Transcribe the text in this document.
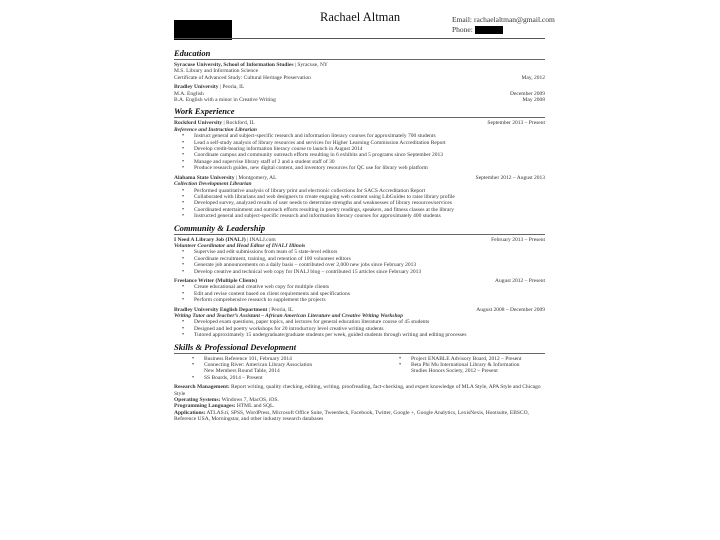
Rachael Altman	Email: rachaelaltman@gmail.com
Phone:
Education
Syracuse University, School of Information Studies | Syracuse, NY
M.S. Library and Information Science
Certificate of Advanced Study: Cultural Heritage Preservation	May, 2012
Bradley University | Peoria, IL
M.A. English	December 2009
B.A. English with a minor in Creative Writing	May 2008
Work Experience
Rockford University | Rockford, IL	September 2013 – Present
Reference and Instruction Librarian
• Instruct general and subject-specific research and information literacy courses for approximately 700 students
• Lead a self-study analysis of library resources and services for Higher Learning Commission Accreditation Report
• Develop credit-bearing information literacy course to launch in August 2014
• Coordinate campus and community outreach efforts resulting in 6 exhibits and 5 programs since September 2013
• Manage and supervise library staff of 2 and a student staff of 30
• Produce research guides, new digital content, and inventory resources for QC use for library web platform
Alabama State University | Montgomery, AL	September 2012 – August 2013
Collection Development Librarian
• Performed quantitative analysis of library print and electronic collections for SACS Accreditation Report
• Collaborated with librarians and web designers to create engaging web content using LibGuides to raise library profile
• Developed survey, analyzed results of user needs to determine strengths and weaknesses of library resources/services
• Coordinated entertainment and outreach efforts resulting in poetry readings, speakers, and fitness classes at the library
• Instructed general and subject-specific research and information literacy courses for approximately 400 students
Community & Leadership
I Need A Library Job (INALJ) | INALJ.com	February 2013 – Present
Volunteer Coordinator and Head Editor of INALJ Illinois
• Supervise and edit submissions from team of 5 state-level editors
• Coordinate recruitment, training, and retention of 100 volunteer editors
• Generate job announcements on a daily basis – contributed over 2,000 new jobs since February 2013
• Develop creative and technical web copy for INALJ blog – contributed 15 articles since February 2013
Freelance Writer (Multiple Clients)	August 2012 – Present
• Create educational and creative web copy for multiple clients
• Edit and revise content based on client requirements and specifications
• Perform comprehensive research to supplement the projects
Bradley University English Department | Peoria, IL	August 2008 – December 2009
Writing Tutor and Teacher’s Assistant – African American Literature and Creative Writing Workshop
• Developed exam questions, paper topics, and lectures for general education literature course of 45 students
• Designed and led poetry workshops for 20 introductory level creative writing students
• Tutored approximately 15 undergraduate/graduate students per week, guided students through writing and editing processes
Skills & Professional Development
• Business Reference 101, February 2014
• Connecting River: American Library Association
New Members Round Table, 2014
• SS Boards, 2014 – Present
• Project ENABLE Advisory Board, 2012 – Present
• Beta Phi Mu International Library & Information
Studies Honors Society, 2012 – Present
Research Management: Report writing, quality checking, editing, writing, proofreading, fact-checking, and expert knowledge of MLA Style, APA Style and Chicago Style
Operating Systems: Windows 7, MacOS, iOS.
Programming Languages: HTML and SQL.
Applications: ATLAS.ti, SPSS, WordPress, Microsoft Office Suite, Tweetdeck, Facebook, Twitter, Google +, Google Analytics, LexisNexis, Hootsuite, EBSCO, Reference USA, Morningstar, and other industry research databases
